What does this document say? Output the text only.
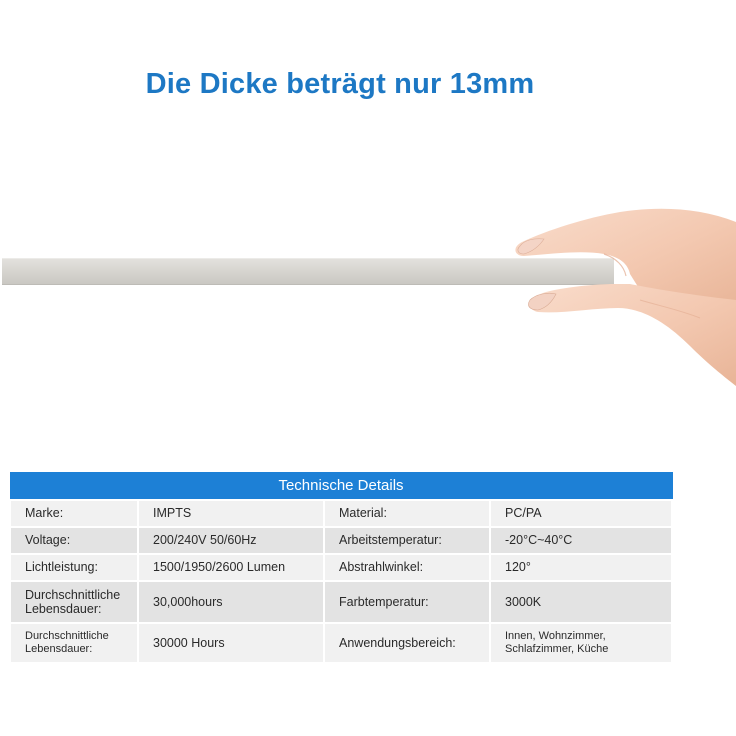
Die Dicke beträgt nur 13mm
Technische Details			
Marke:	IMPTS	Material:	PC/PA
Voltage:	200/240V 50/60Hz	Arbeitstemperatur:	-20°C~40°C
Lichtleistung:	1500/1950/2600 Lumen	Abstrahlwinkel:	120°
Durchschnittliche Lebensdauer:	30,000hours	Farbtemperatur:	3000K
Durchschnittliche Lebensdauer:	30000 Hours	Anwendungsbereich:	Innen, Wohnzimmer, Schlafzimmer, Küche
